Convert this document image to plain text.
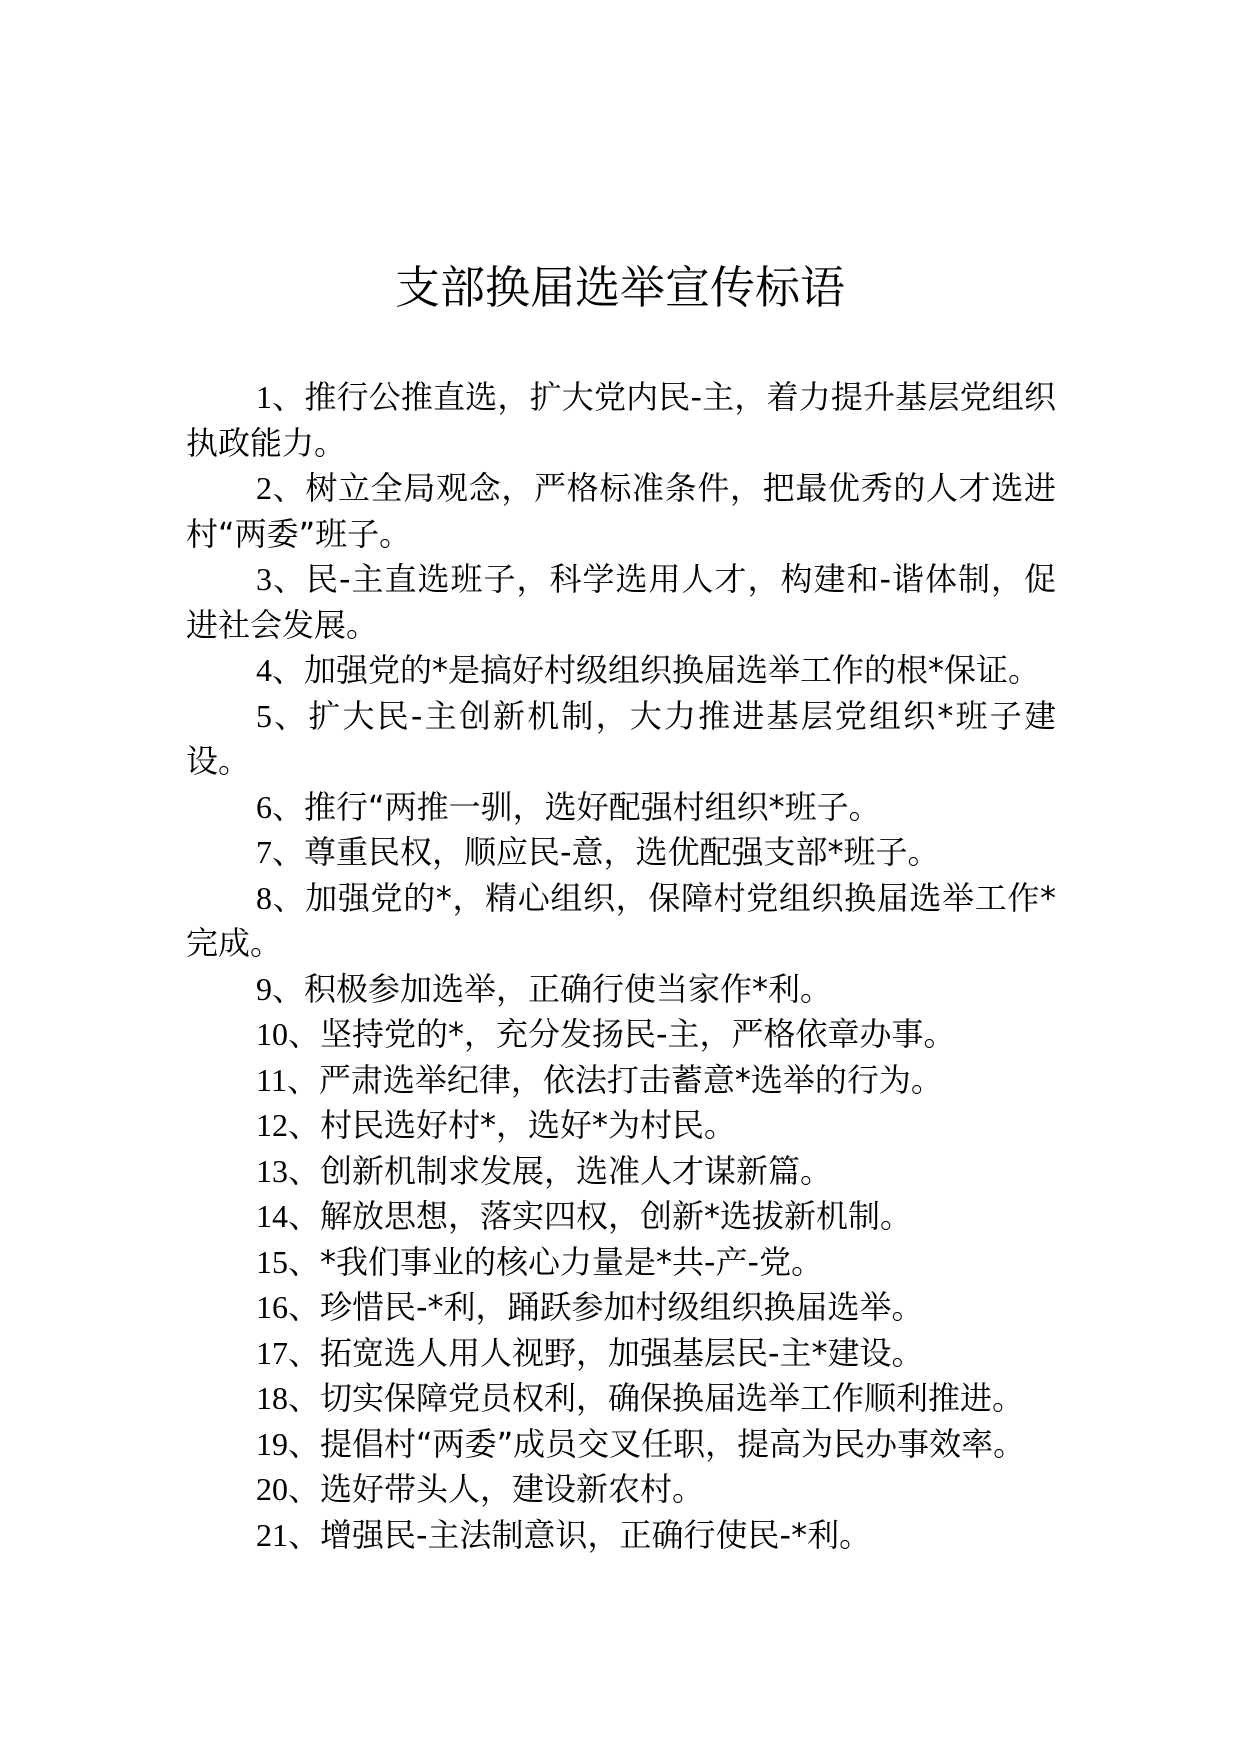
支部换届选举宣传标语

1、推行公推直选，扩大党内民-主，着力提升基层党组织执政能力。

2、树立全局观念，严格标准条件，把最优秀的人才选进村“两委”班子。

3、民-主直选班子，科学选用人才，构建和-谐体制，促进社会发展。

4、加强党的*是搞好村级组织换届选举工作的根*保证。

5、扩大民-主创新机制，大力推进基层党组织*班子建设。

6、推行“两推一驯，选好配强村组织*班子。

7、尊重民权，顺应民-意，选优配强支部*班子。

8、加强党的*，精心组织，保障村党组织换届选举工作*完成。

9、积极参加选举，正确行使当家作*利。

10、坚持党的*，充分发扬民-主，严格依章办事。

11、严肃选举纪律，依法打击蓄意*选举的行为。

12、村民选好村*，选好*为村民。

13、创新机制求发展，选准人才谋新篇。

14、解放思想，落实四权，创新*选拔新机制。

15、*我们事业的核心力量是*共-产-党。

16、珍惜民-*利，踊跃参加村级组织换届选举。

17、拓宽选人用人视野，加强基层民-主*建设。

18、切实保障党员权利，确保换届选举工作顺利推进。

19、提倡村“两委”成员交叉任职，提高为民办事效率。

20、选好带头人，建设新农村。

21、增强民-主法制意识，正确行使民-*利。
